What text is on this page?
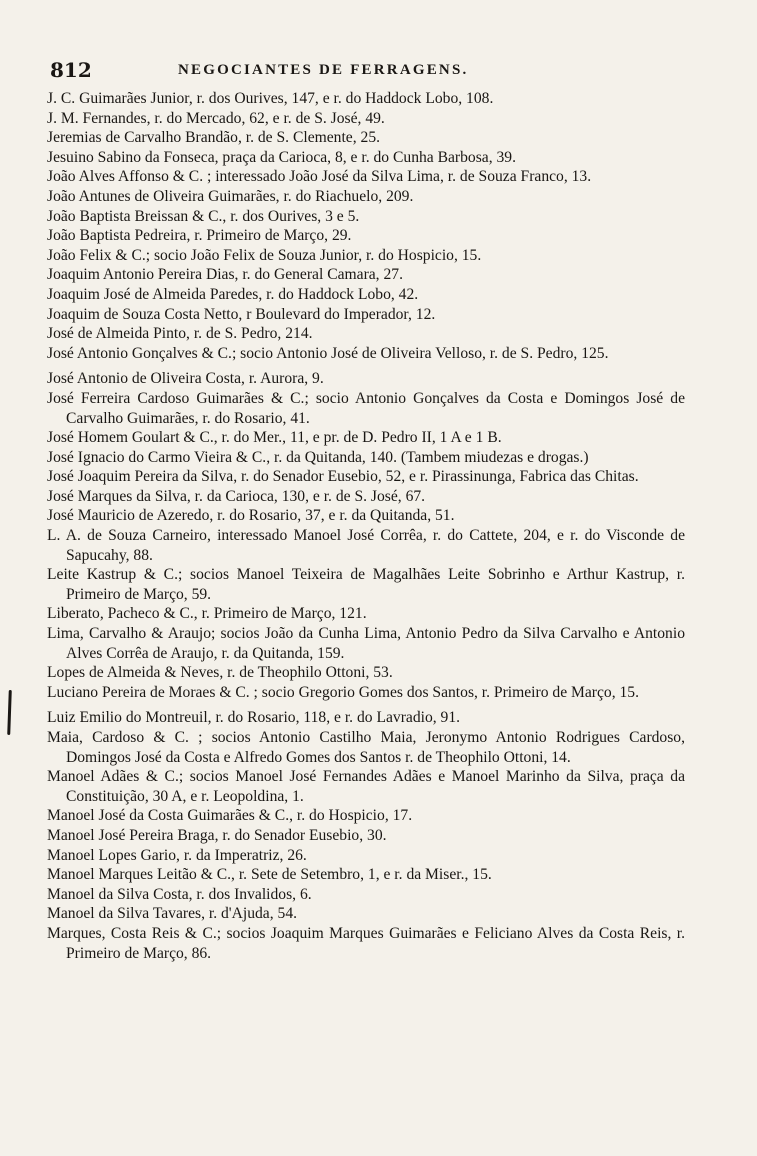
812	NEGOCIANTES DE FERRAGENS.

J. C. Guimarães Junior, r. dos Ourives, 147, e r. do Haddock Lobo, 108.

J. M. Fernandes, r. do Mercado, 62, e r. de S. José, 49.

Jeremias de Carvalho Brandão, r. de S. Clemente, 25.

Jesuino Sabino da Fonseca, praça da Carioca, 8, e r. do Cunha Barbosa, 39.

João Alves Affonso & C. ; interessado João José da Silva Lima, r. de Souza Franco, 13.

João Antunes de Oliveira Guimarães, r. do Riachuelo, 209.

João Baptista Breissan & C., r. dos Ourives, 3 e 5.

João Baptista Pedreira, r. Primeiro de Março, 29.

João Felix & C.; socio João Felix de Souza Junior, r. do Hospicio, 15.

Joaquim Antonio Pereira Dias, r. do General Camara, 27.

Joaquim José de Almeida Paredes, r. do Haddock Lobo, 42.

Joaquim de Souza Costa Netto, r Boulevard do Imperador, 12.

José de Almeida Pinto, r. de S. Pedro, 214.

José Antonio Gonçalves & C.; socio Antonio José de Oliveira Velloso, r. de S. Pedro, 125.

José Antonio de Oliveira Costa, r. Aurora, 9.

José Ferreira Cardoso Guimarães & C.; socio Antonio Gonçalves da Costa e Domingos José de Carvalho Guimarães, r. do Rosario, 41.

José Homem Goulart & C., r. do Mer., 11, e pr. de D. Pedro II, 1 A e 1 B.

José Ignacio do Carmo Vieira & C., r. da Quitanda, 140. (Tambem miudezas e drogas.)

José Joaquim Pereira da Silva, r. do Senador Eusebio, 52, e r. Pirassinunga, Fabrica das Chitas.

José Marques da Silva, r. da Carioca, 130, e r. de S. José, 67.

José Mauricio de Azeredo, r. do Rosario, 37, e r. da Quitanda, 51.

L. A. de Souza Carneiro, interessado Manoel José Corrêa, r. do Cattete, 204, e r. do Visconde de Sapucahy, 88.

Leite Kastrup & C.; socios Manoel Teixeira de Magalhães Leite Sobrinho e Arthur Kastrup, r. Primeiro de Março, 59.

Liberato, Pacheco & C., r. Primeiro de Março, 121.

Lima, Carvalho & Araujo; socios João da Cunha Lima, Antonio Pedro da Silva Carvalho e Antonio Alves Corrêa de Araujo, r. da Quitanda, 159.

Lopes de Almeida & Neves, r. de Theophilo Ottoni, 53.

Luciano Pereira de Moraes & C. ; socio Gregorio Gomes dos Santos, r. Primeiro de Março, 15.

Luiz Emilio do Montreuil, r. do Rosario, 118, e r. do Lavradio, 91.

Maia, Cardoso & C. ; socios Antonio Castilho Maia, Jeronymo Antonio Rodrigues Cardoso, Domingos José da Costa e Alfredo Gomes dos Santos r. de Theophilo Ottoni, 14.

Manoel Adães & C.; socios Manoel José Fernandes Adães e Manoel Marinho da Silva, praça da Constituição, 30 A, e r. Leopoldina, 1.

Manoel José da Costa Guimarães & C., r. do Hospicio, 17.

Manoel José Pereira Braga, r. do Senador Eusebio, 30.

Manoel Lopes Gario, r. da Imperatriz, 26.

Manoel Marques Leitão & C., r. Sete de Setembro, 1, e r. da Miser., 15.

Manoel da Silva Costa, r. dos Invalidos, 6.

Manoel da Silva Tavares, r. d'Ajuda, 54.

Marques, Costa Reis & C.; socios Joaquim Marques Guimarães e Feliciano Alves da Costa Reis, r. Primeiro de Março, 86.
